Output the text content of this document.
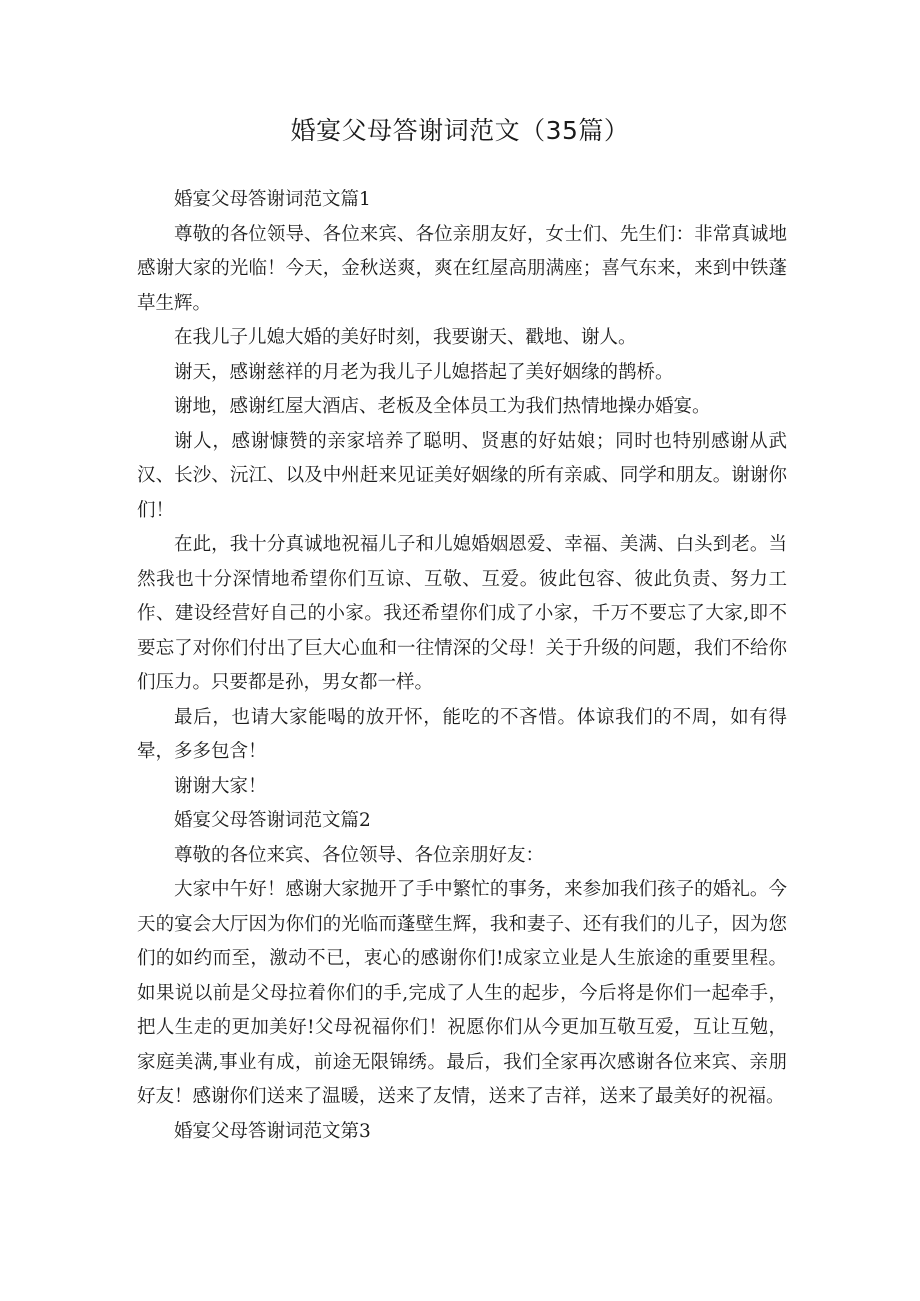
婚宴父母答谢词范文（35篇）

婚宴父母答谢词范文篇1

尊敬的各位领导、各位来宾、各位亲朋友好，女士们、先生们：非常真诚地感谢大家的光临！今天，金秋送爽，爽在红屋高朋满座；喜气东来，来到中铁蓬草生辉。

在我儿子儿媳大婚的美好时刻，我要谢天、戳地、谢人。

谢天，感谢慈祥的月老为我儿子儿媳搭起了美好姻缘的鹊桥。

谢地，感谢红屋大酒店、老板及全体员工为我们热情地操办婚宴。

谢人，感谢慷赞的亲家培养了聪明、贤惠的好姑娘；同时也特别感谢从武汉、长沙、沅江、以及中州赶来见证美好姻缘的所有亲戚、同学和朋友。谢谢你们！

在此，我十分真诚地祝福儿子和儿媳婚姻恩爱、幸福、美满、白头到老。当然我也十分深情地希望你们互谅、互敬、互爱。彼此包容、彼此负责、努力工作、建设经营好自己的小家。我还希望你们成了小家，千万不要忘了大家,即不要忘了对你们付出了巨大心血和一往情深的父母！关于升级的问题，我们不给你们压力。只要都是孙，男女都一样。

最后，也请大家能喝的放开怀，能吃的不吝惜。体谅我们的不周，如有得晕，多多包含！

谢谢大家！

婚宴父母答谢词范文篇2

尊敬的各位来宾、各位领导、各位亲朋好友：

大家中午好！感谢大家抛开了手中繁忙的事务，来参加我们孩子的婚礼。今天的宴会大厅因为你们的光临而蓬壁生辉，我和妻子、还有我们的儿子，因为您们的如约而至，激动不已，衷心的感谢你们!成家立业是人生旅途的重要里程。如果说以前是父母拉着你们的手,完成了人生的起步，今后将是你们一起牵手，把人生走的更加美好!父母祝福你们！祝愿你们从今更加互敬互爱，互让互勉，家庭美满,事业有成，前途无限锦绣。最后，我们全家再次感谢各位来宾、亲朋好友！感谢你们送来了温暖，送来了友情，送来了吉祥，送来了最美好的祝福。

婚宴父母答谢词范文第3
